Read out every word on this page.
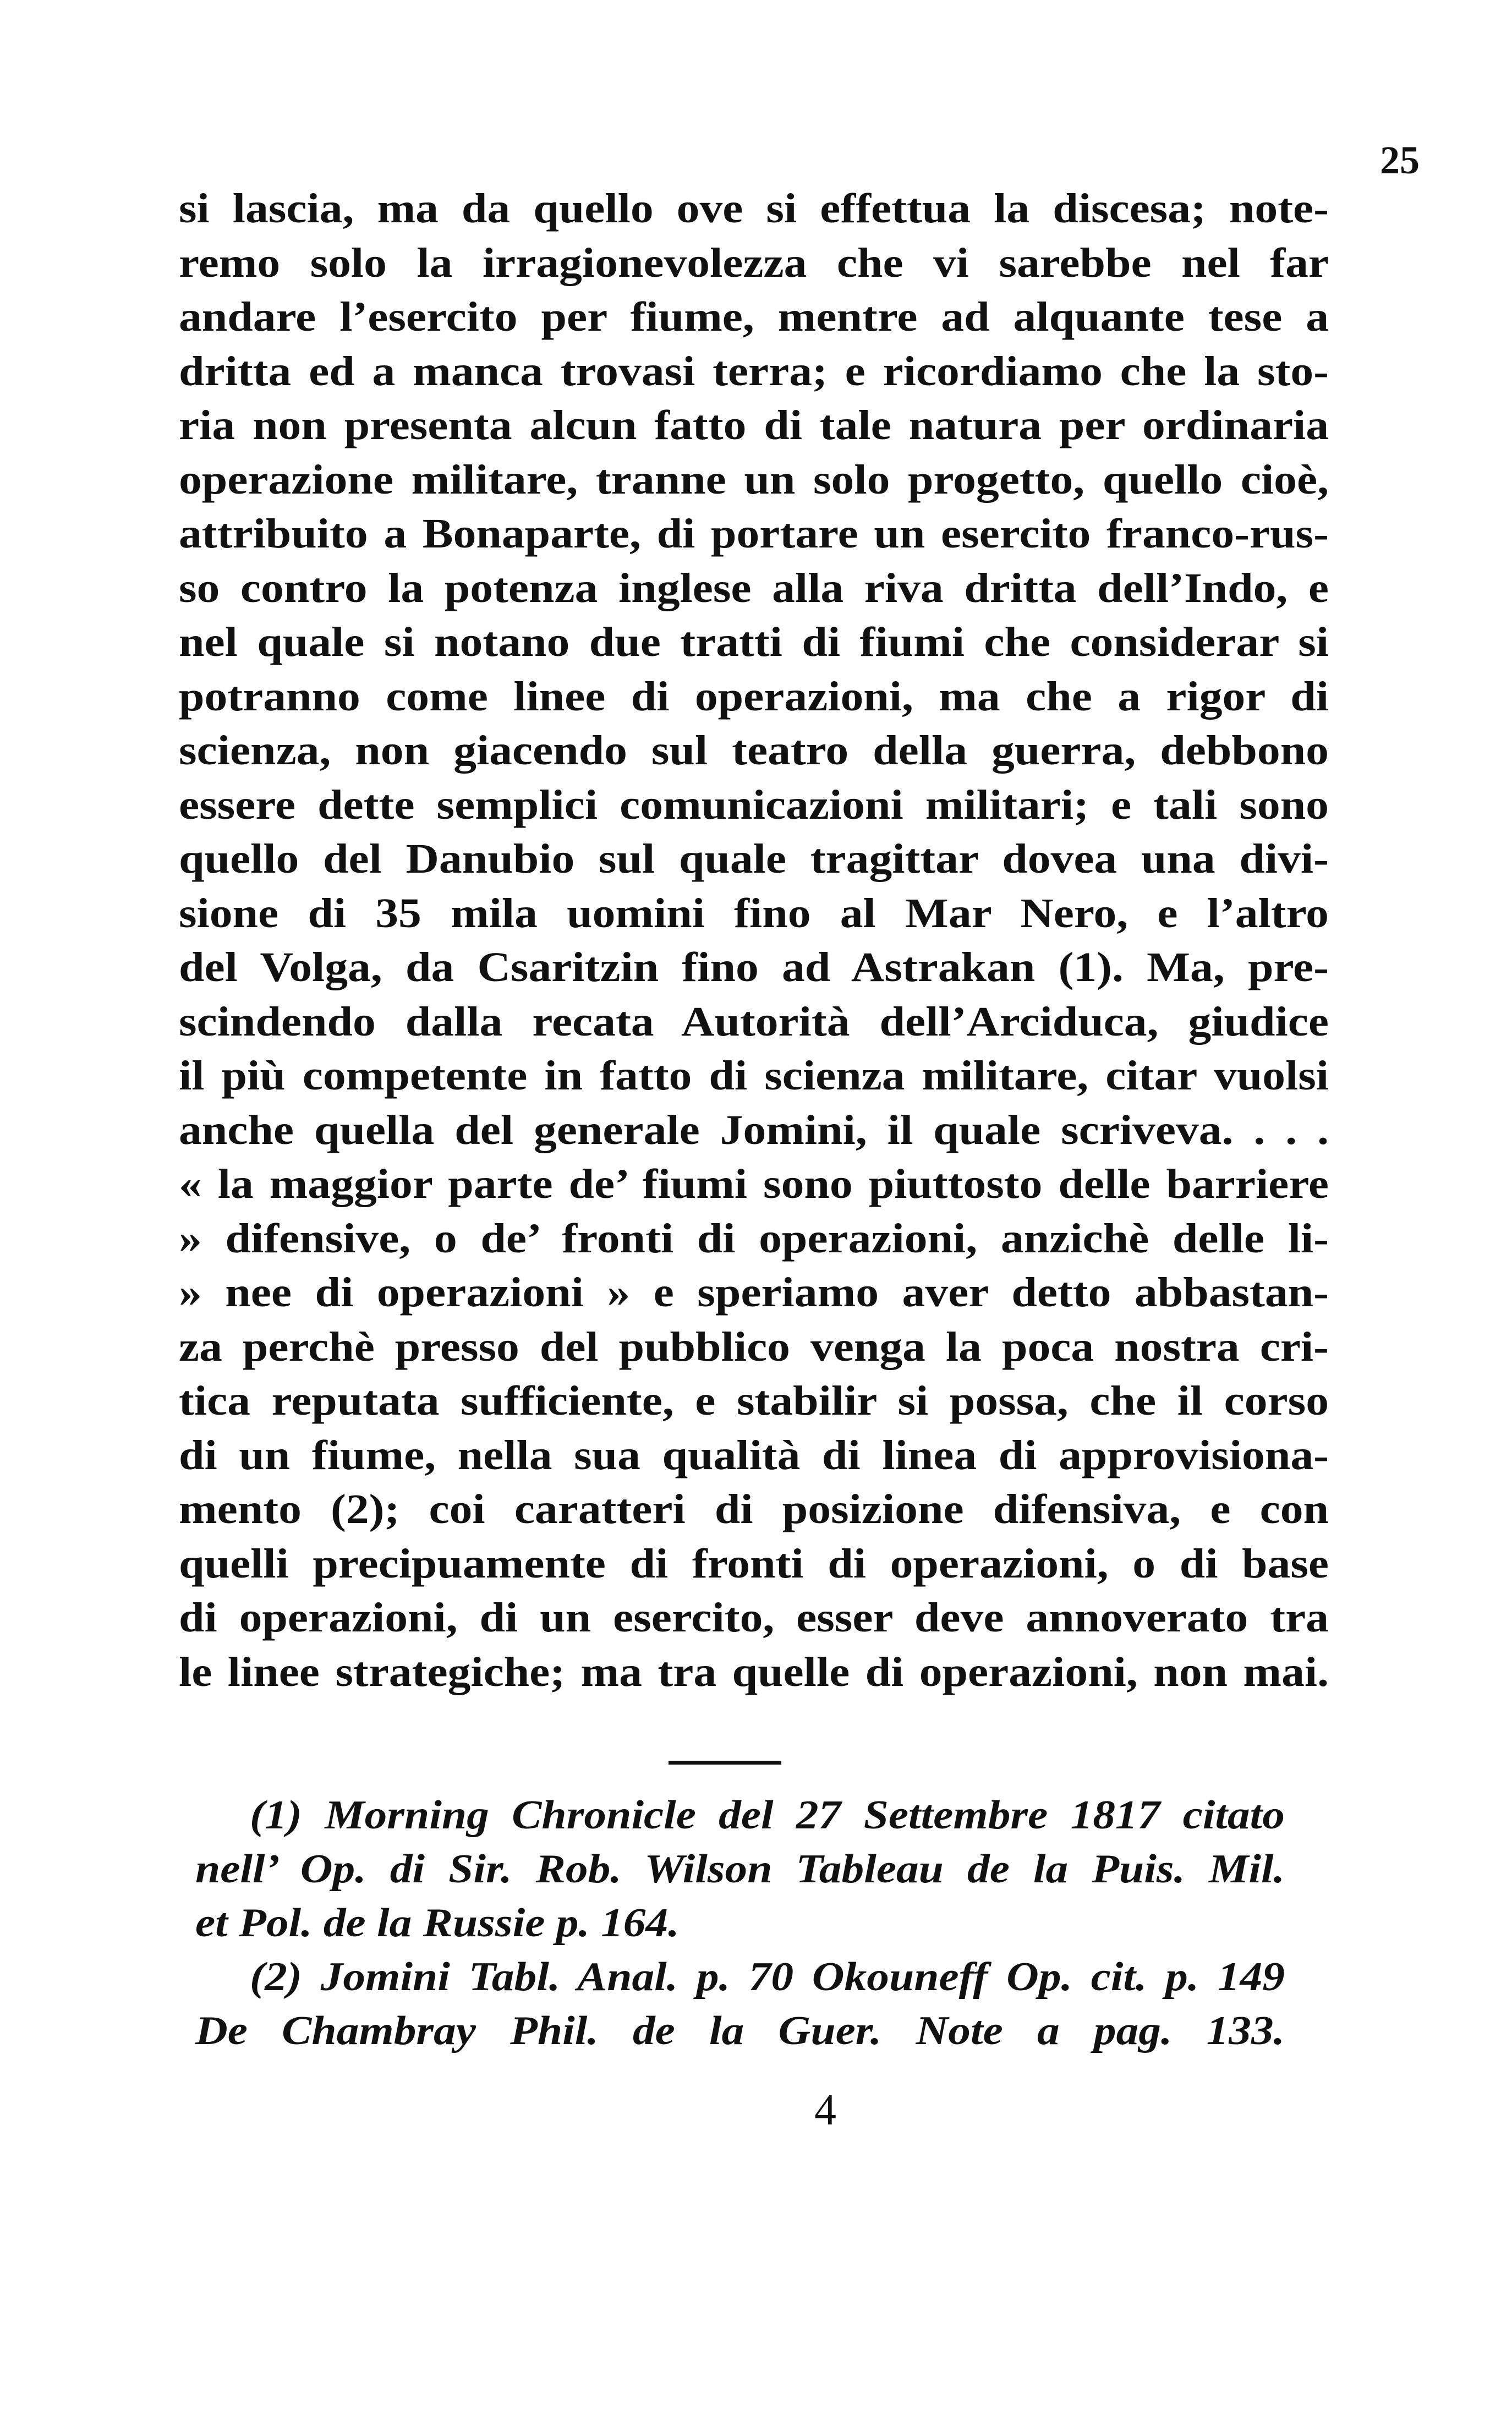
25
si lascia, ma da quello ove si effettua la discesa; note-
remo solo la irragionevolezza che vi sarebbe nel far
andare l’esercito per fiume, mentre ad alquante tese a
dritta ed a manca trovasi terra; e ricordiamo che la sto-
ria non presenta alcun fatto di tale natura per ordinaria
operazione militare, tranne un solo progetto, quello cioè,
attribuito a Bonaparte, di portare un esercito franco-rus-
so contro la potenza inglese alla riva dritta dell’Indo, e
nel quale si notano due tratti di fiumi che considerar si
potranno come linee di operazioni, ma che a rigor di
scienza, non giacendo sul teatro della guerra, debbono
essere dette semplici comunicazioni militari; e tali sono
quello del Danubio sul quale tragittar dovea una divi-
sione di 35 mila uomini fino al Mar Nero, e l’altro
del Volga, da Csaritzin fino ad Astrakan (1). Ma, pre-
scindendo dalla recata Autorità dell’Arciduca, giudice
il più competente in fatto di scienza militare, citar vuolsi
anche quella del generale Jomini, il quale scriveva. . . .
« la maggior parte de’ fiumi sono piuttosto delle barriere
» difensive, o de’ fronti di operazioni, anzichè delle li-
» nee di operazioni » e speriamo aver detto abbastan-
za perchè presso del pubblico venga la poca nostra cri-
tica reputata sufficiente, e stabilir si possa, che il corso
di un fiume, nella sua qualità di linea di approvisiona-
mento (2); coi caratteri di posizione difensiva, e con
quelli precipuamente di fronti di operazioni, o di base
di operazioni, di un esercito, esser deve annoverato tra
le linee strategiche; ma tra quelle di operazioni, non mai.
(1) Morning Chronicle del 27 Settembre 1817 citato
nell’ Op. di Sir. Rob. Wilson Tableau de la Puis. Mil.
et Pol. de la Russie p. 164.
(2) Jomini Tabl. Anal. p. 70 Okouneff Op. cit. p. 149
De Chambray Phil. de la Guer. Note a pag. 133.
4
